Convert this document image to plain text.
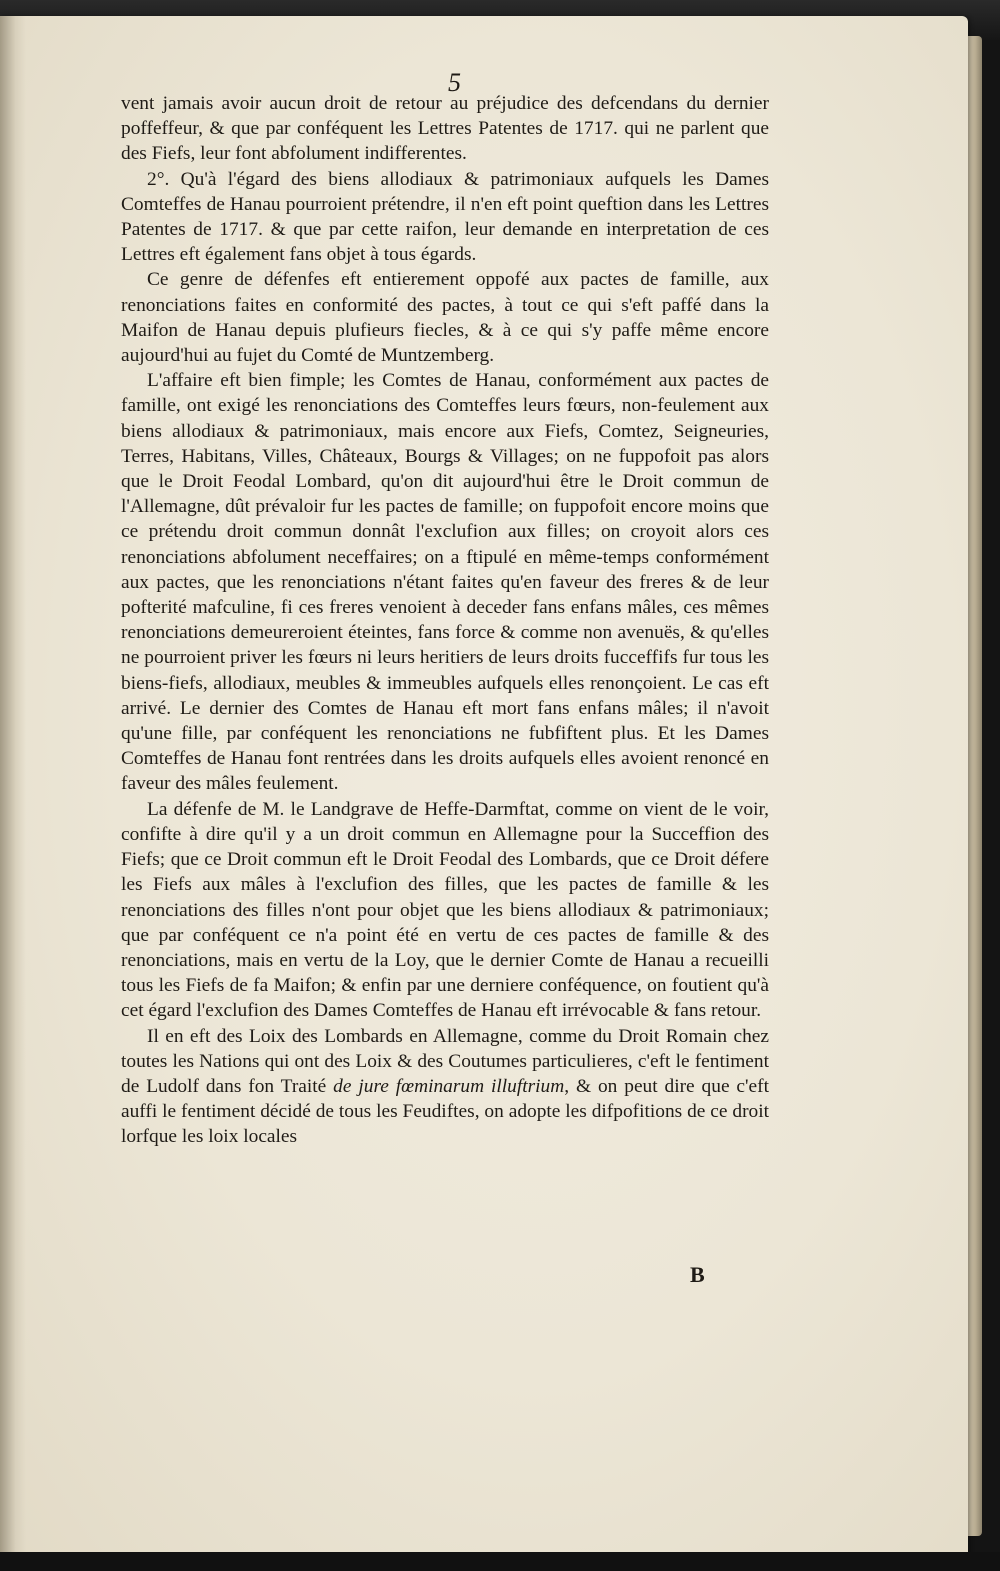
5

vent jamais avoir aucun droit de retour au préjudice des defcendans du dernier poffeffeur, & que par conféquent les Lettres Patentes de 1717. qui ne parlent que des Fiefs, leur font abfolument indifferentes.

2°. Qu'à l'égard des biens allodiaux & patrimoniaux aufquels les Dames Comteffes de Hanau pourroient prétendre, il n'en eft point queftion dans les Lettres Patentes de 1717. & que par cette raifon, leur demande en interpretation de ces Lettres eft également fans objet à tous égards.

Ce genre de défenfes eft entierement oppofé aux pactes de famille, aux renonciations faites en conformité des pactes, à tout ce qui s'eft paffé dans la Maifon de Hanau depuis plufieurs fiecles, & à ce qui s'y paffe même encore aujourd'hui au fujet du Comté de Muntzemberg.

L'affaire eft bien fimple; les Comtes de Hanau, conformément aux pactes de famille, ont exigé les renonciations des Comteffes leurs fœurs, non-feulement aux biens allodiaux & patrimoniaux, mais encore aux Fiefs, Comtez, Seigneuries, Terres, Habitans, Villes, Châteaux, Bourgs & Villages; on ne fuppofoit pas alors que le Droit Feodal Lombard, qu'on dit aujourd'hui être le Droit commun de l'Allemagne, dût prévaloir fur les pactes de famille; on fuppofoit encore moins que ce prétendu droit commun donnât l'exclufion aux filles; on croyoit alors ces renonciations abfolument neceffaires; on a ftipulé en même-temps conformément aux pactes, que les renonciations n'étant faites qu'en faveur des freres & de leur pofterité mafculine, fi ces freres venoient à deceder fans enfans mâles, ces mêmes renonciations demeureroient éteintes, fans force & comme non avenuës, & qu'elles ne pourroient priver les fœurs ni leurs heritiers de leurs droits fucceffifs fur tous les biens-fiefs, allodiaux, meubles & immeubles aufquels elles renonçoient. Le cas eft arrivé. Le dernier des Comtes de Hanau eft mort fans enfans mâles; il n'avoit qu'une fille, par conféquent les renonciations ne fubfiftent plus. Et les Dames Comteffes de Hanau font rentrées dans les droits aufquels elles avoient renoncé en faveur des mâles feulement.

La défenfe de M. le Landgrave de Heffe-Darmftat, comme on vient de le voir, confifte à dire qu'il y a un droit commun en Allemagne pour la Succeffion des Fiefs; que ce Droit commun eft le Droit Feodal des Lombards, que ce Droit défere les Fiefs aux mâles à l'exclufion des filles, que les pactes de famille & les renonciations des filles n'ont pour objet que les biens allodiaux & patrimoniaux; que par conféquent ce n'a point été en vertu de ces pactes de famille & des renonciations, mais en vertu de la Loy, que le dernier Comte de Hanau a recueilli tous les Fiefs de fa Maifon; & enfin par une derniere conféquence, on foutient qu'à cet égard l'exclufion des Dames Comteffes de Hanau eft irrévocable & fans retour.

Il en eft des Loix des Lombards en Allemagne, comme du Droit Romain chez toutes les Nations qui ont des Loix & des Coutumes particulieres, c'eft le fentiment de Ludolf dans fon Traité de jure fœminarum illuftrium, & on peut dire que c'eft auffi le fentiment décidé de tous les Feudiftes, on adopte les difpofitions de ce droit lorfque les loix locales

B
